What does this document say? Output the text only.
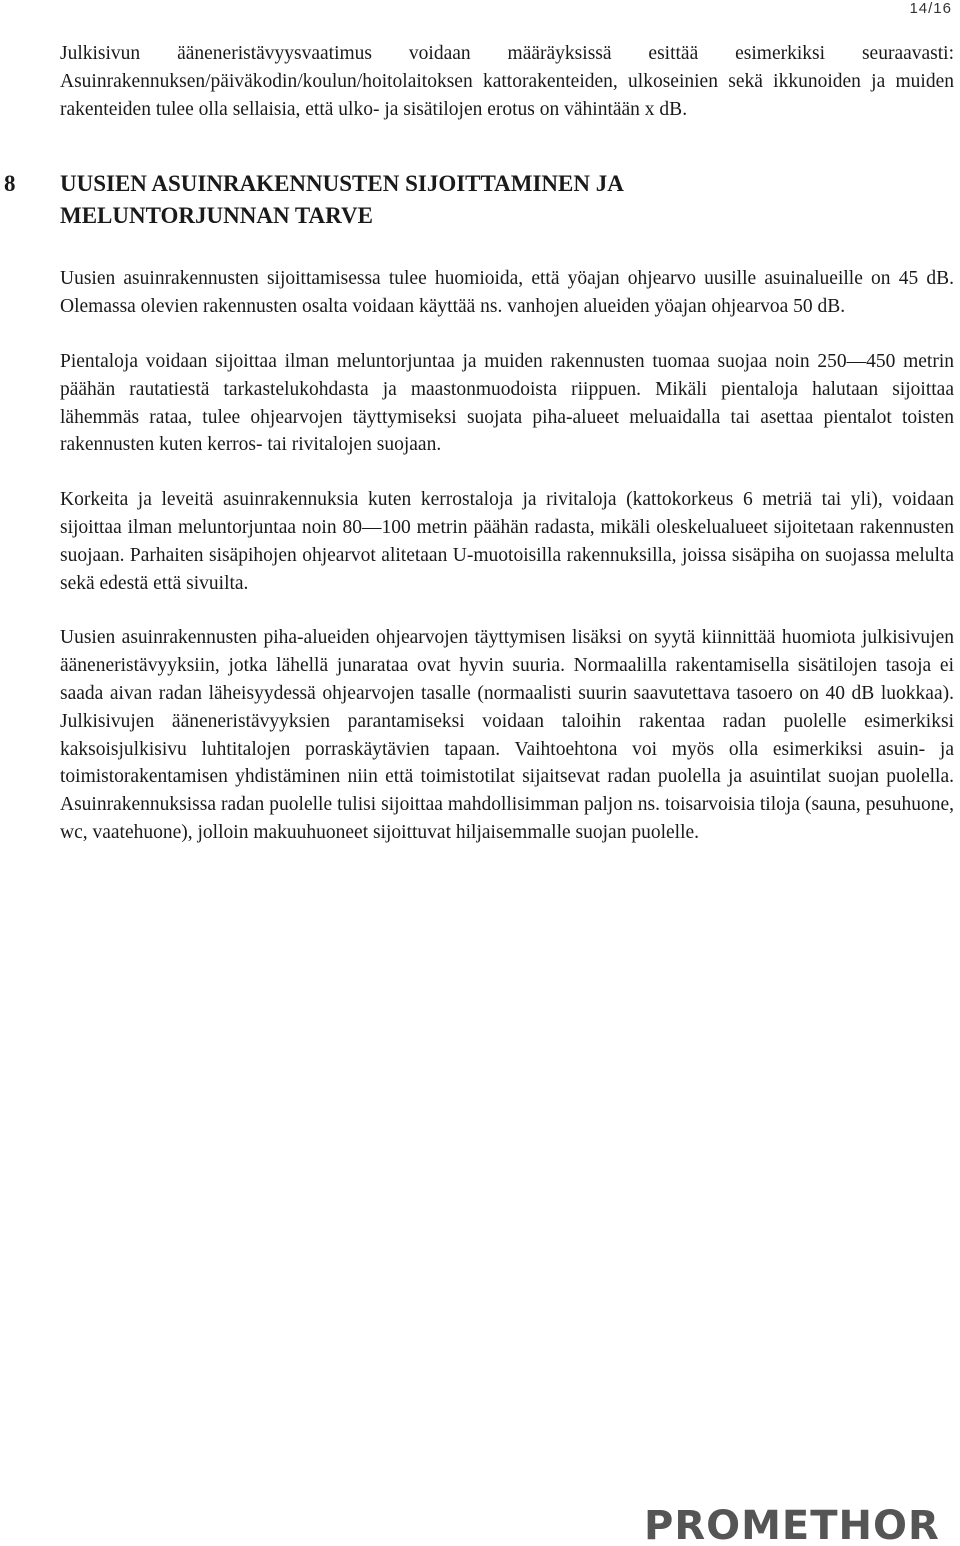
14/16

Julkisivun ääneneristävyysvaatimus voidaan määräyksissä esittää esimerkiksi seuraavasti: Asuinrakennuksen/päiväkodin/koulun/hoitolaitoksen kattorakenteiden, ulkoseinien sekä ikkunoiden ja muiden rakenteiden tulee olla sellaisia, että ulko- ja sisätilojen erotus on vähintään x dB.

8 UUSIEN ASUINRAKENNUSTEN SIJOITTAMINEN JA
MELUNTORJUNNAN TARVE

Uusien asuinrakennusten sijoittamisessa tulee huomioida, että yöajan ohjearvo uusille asuinalueille on 45 dB. Olemassa olevien rakennusten osalta voidaan käyttää ns. vanhojen alueiden yöajan ohjearvoa 50 dB.

Pientaloja voidaan sijoittaa ilman meluntorjuntaa ja muiden rakennusten tuomaa suojaa noin 250—450 metrin päähän rautatiestä tarkastelukohdasta ja maastonmuodoista riippuen. Mikäli pientaloja halutaan sijoittaa lähemmäs rataa, tulee ohjearvojen täyttymiseksi suojata piha-alueet meluaidalla tai asettaa pientalot toisten rakennusten kuten kerros- tai rivitalojen suojaan.

Korkeita ja leveitä asuinrakennuksia kuten kerrostaloja ja rivitaloja (kattokorkeus 6 metriä tai yli), voidaan sijoittaa ilman meluntorjuntaa noin 80—100 metrin päähän radasta, mikäli oleskelualueet sijoitetaan rakennusten suojaan. Parhaiten sisäpihojen ohjearvot alitetaan U-muotoisilla rakennuksilla, joissa sisäpiha on suojassa melulta sekä edestä että sivuilta.

Uusien asuinrakennusten piha-alueiden ohjearvojen täyttymisen lisäksi on syytä kiinnittää huomiota julkisivujen ääneneristävyyksiin, jotka lähellä junarataa ovat hyvin suuria. Normaalilla rakentamisella sisätilojen tasoja ei saada aivan radan läheisyydessä ohjearvojen tasalle (normaalisti suurin saavutettava tasoero on 40 dB luokkaa). Julkisivujen ääneneristävyyksien parantamiseksi voidaan taloihin rakentaa radan puolelle esimerkiksi kaksoisjulkisivu luhtitalojen porraskäytävien tapaan. Vaihtoehtona voi myös olla esimerkiksi asuin- ja toimistorakentamisen yhdistäminen niin että toimistotilat sijaitsevat radan puolella ja asuintilat suojan puolella. Asuinrakennuksissa radan puolelle tulisi sijoittaa mahdollisimman paljon ns. toisarvoisia tiloja (sauna, pesuhuone, wc, vaatehuone), jolloin makuuhuoneet sijoittuvat hiljaisemmalle suojan puolelle.

PROMETHOR
